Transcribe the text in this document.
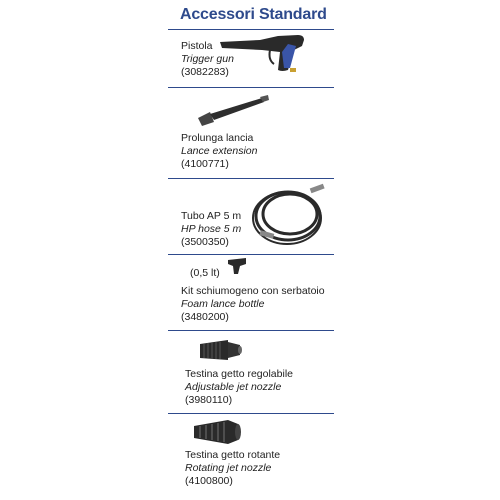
Accessori Standard
Pistola
Trigger gun
(3082283)
Prolunga lancia
Lance extension
(4100771)
Tubo AP 5 m
HP hose 5 m
(3500350)
(0,5 lt)
Kit schiumogeno con serbatoio
Foam lance bottle
(3480200)
Testina getto regolabile
Adjustable jet nozzle
(3980110)
Testina getto rotante
Rotating jet nozzle
(4100800)
